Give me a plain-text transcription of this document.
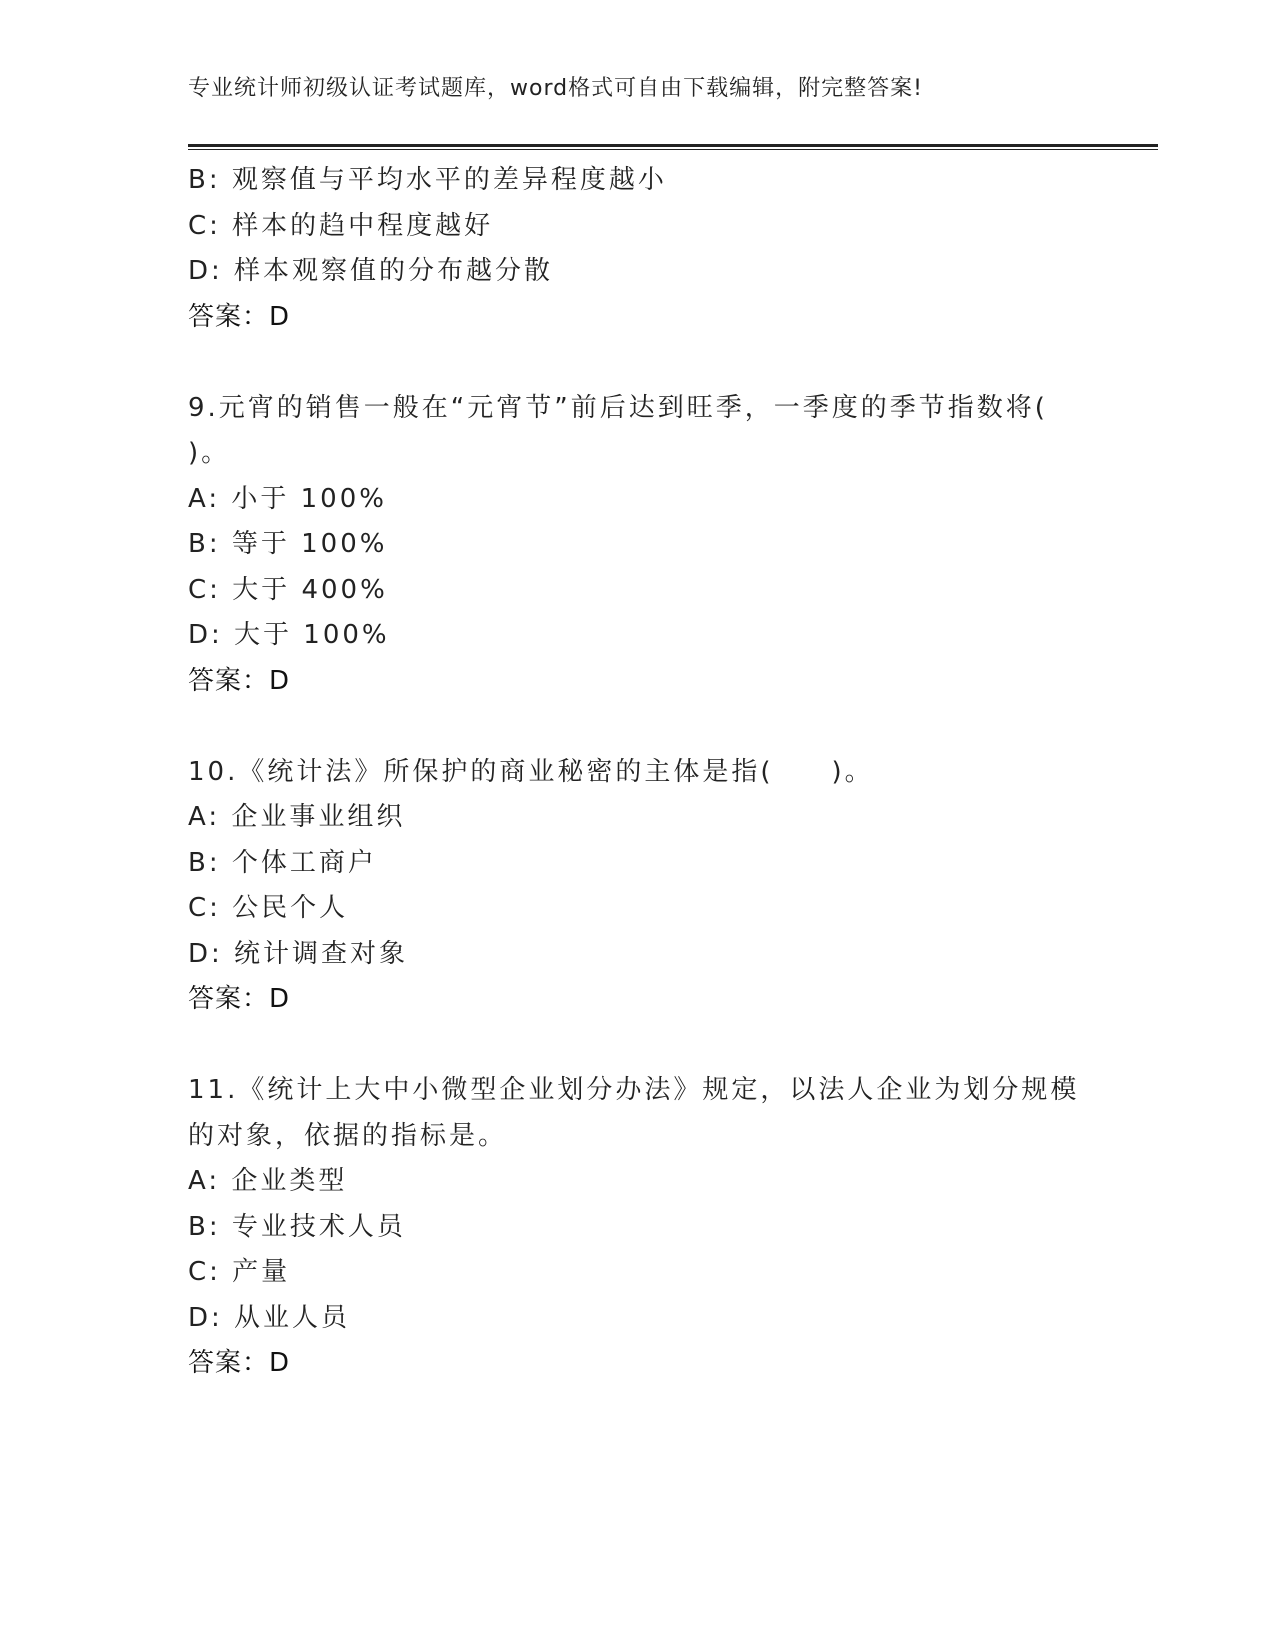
专业统计师初级认证考试题库，word格式可自由下载编辑，附完整答案!
B: 观察值与平均水平的差异程度越小
C: 样本的趋中程度越好
D: 样本观察值的分布越分散
答案：D
9.元宵的销售一般在“元宵节”前后达到旺季，一季度的季节指数将(
)。
A: 小于 100%
B: 等于 100%
C: 大于 400%
D: 大于 100%
答案：D
10.《统计法》所保护的商业秘密的主体是指(　　)。
A: 企业事业组织
B: 个体工商户
C: 公民个人
D: 统计调查对象
答案：D
11.《统计上大中小微型企业划分办法》规定，以法人企业为划分规模
的对象，依据的指标是。
A: 企业类型
B: 专业技术人员
C: 产量
D: 从业人员
答案：D
